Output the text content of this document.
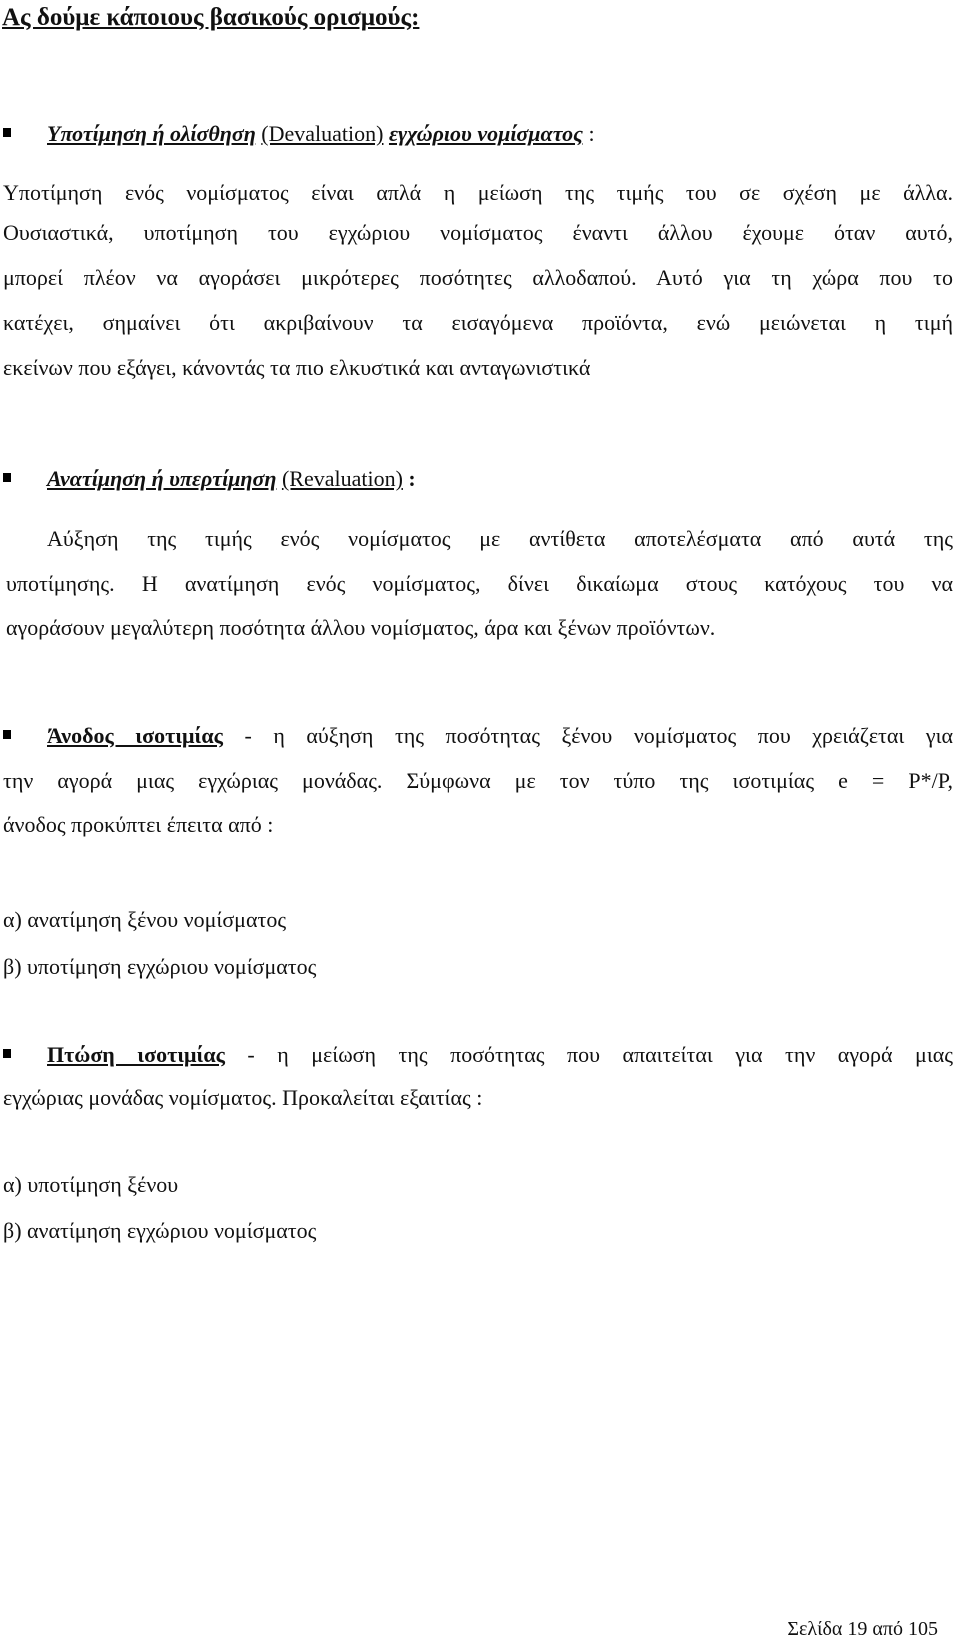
Ας δούμε κάποιους βασικούς ορισμούς:

Υποτίμηση ή ολίσθηση (Devaluation) εγχώριου νομίσματος :

Υποτίμηση ενός νομίσματος είναι απλά η μείωση της τιμής του σε σχέση με άλλα.

Ουσιαστικά, υποτίμηση του εγχώριου νομίσματος έναντι άλλου έχουμε όταν αυτό,

μπορεί πλέον να αγοράσει μικρότερες ποσότητες αλλοδαπού. Αυτό για τη χώρα που το

κατέχει, σημαίνει ότι ακριβαίνουν τα εισαγόμενα προϊόντα, ενώ μειώνεται η τιμή

εκείνων που εξάγει, κάνοντάς τα πιο ελκυστικά και ανταγωνιστικά

Ανατίμηση ή υπερτίμηση (Revaluation) :

Αύξηση της τιμής ενός νομίσματος με αντίθετα αποτελέσματα από αυτά της

υποτίμησης. Η ανατίμηση ενός νομίσματος, δίνει δικαίωμα στους κατόχους του να

αγοράσουν μεγαλύτερη ποσότητα άλλου νομίσματος, άρα και ξένων προϊόντων.

Άνοδος ισοτιμίας - η αύξηση της ποσότητας ξένου νομίσματος που χρειάζεται για

την αγορά μιας εγχώριας μονάδας. Σύμφωνα με τον τύπο της ισοτιμίας e = P*/P,

άνοδος προκύπτει έπειτα από :

α) ανατίμηση ξένου νομίσματος

β) υποτίμηση εγχώριου νομίσματος

Πτώση ισοτιμίας - η μείωση της ποσότητας που απαιτείται για την αγορά μιας

εγχώριας μονάδας νομίσματος. Προκαλείται εξαιτίας :

α) υποτίμηση ξένου

β) ανατίμηση εγχώριου νομίσματος

Σελίδα 19 από 105
